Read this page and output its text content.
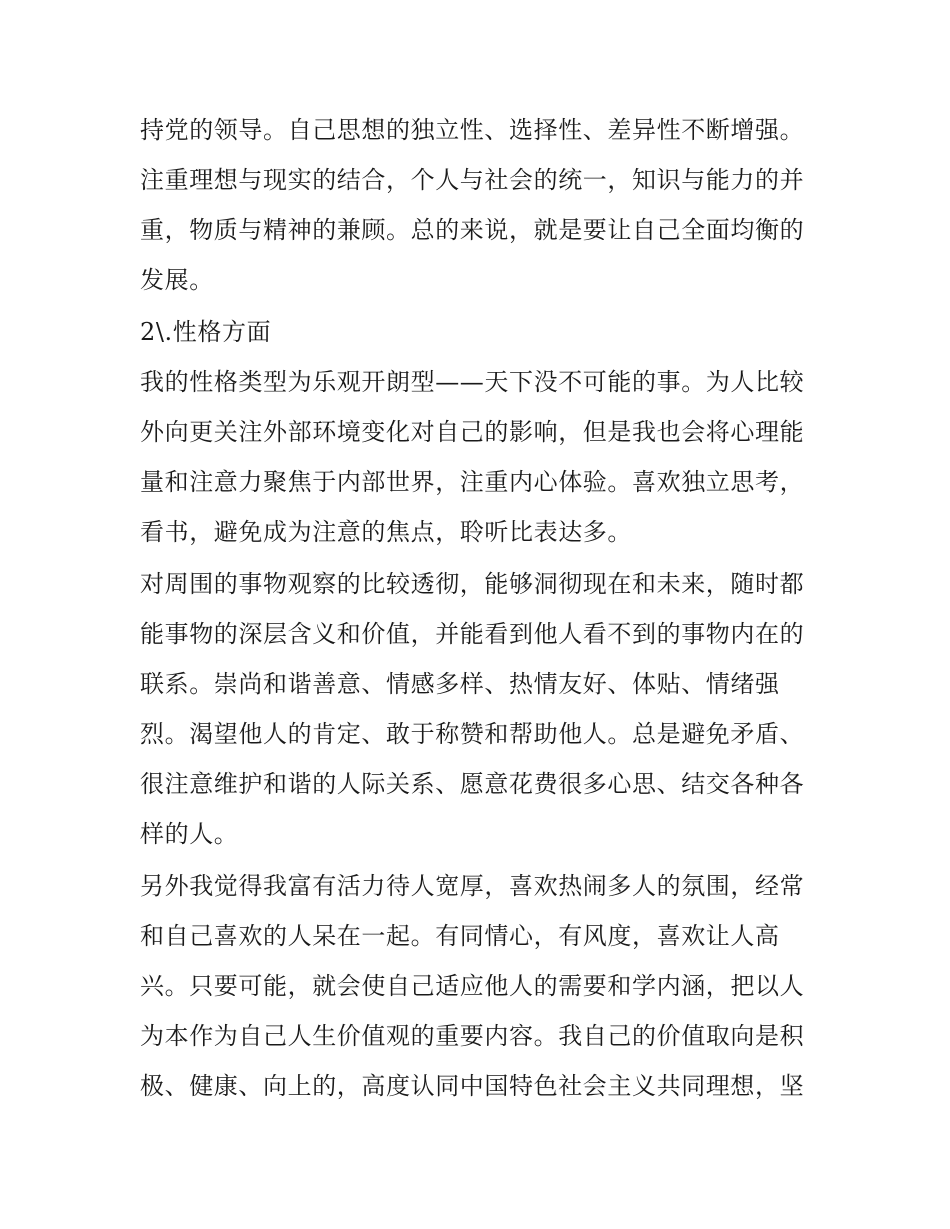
持党的领导。自己思想的独立性、选择性、差异性不断增强。
注重理想与现实的结合，个人与社会的统一，知识与能力的并
重，物质与精神的兼顾。总的来说，就是要让自己全面均衡的
发展。
2\.性格方面
我的性格类型为乐观开朗型——天下没不可能的事。为人比较
外向更关注外部环境变化对自己的影响，但是我也会将心理能
量和注意力聚焦于内部世界，注重内心体验。喜欢独立思考，
看书，避免成为注意的焦点，聆听比表达多。
对周围的事物观察的比较透彻，能够洞彻现在和未来，随时都
能事物的深层含义和价值，并能看到他人看不到的事物内在的
联系。崇尚和谐善意、情感多样、热情友好、体贴、情绪强
烈。渴望他人的肯定、敢于称赞和帮助他人。总是避免矛盾、
很注意维护和谐的人际关系、愿意花费很多心思、结交各种各
样的人。
另外我觉得我富有活力待人宽厚，喜欢热闹多人的氛围，经常
和自己喜欢的人呆在一起。有同情心，有风度，喜欢让人高
兴。只要可能，就会使自己适应他人的需要和学内涵，把以人
为本作为自己人生价值观的重要内容。我自己的价值取向是积
极、健康、向上的，高度认同中国特色社会主义共同理想，坚
